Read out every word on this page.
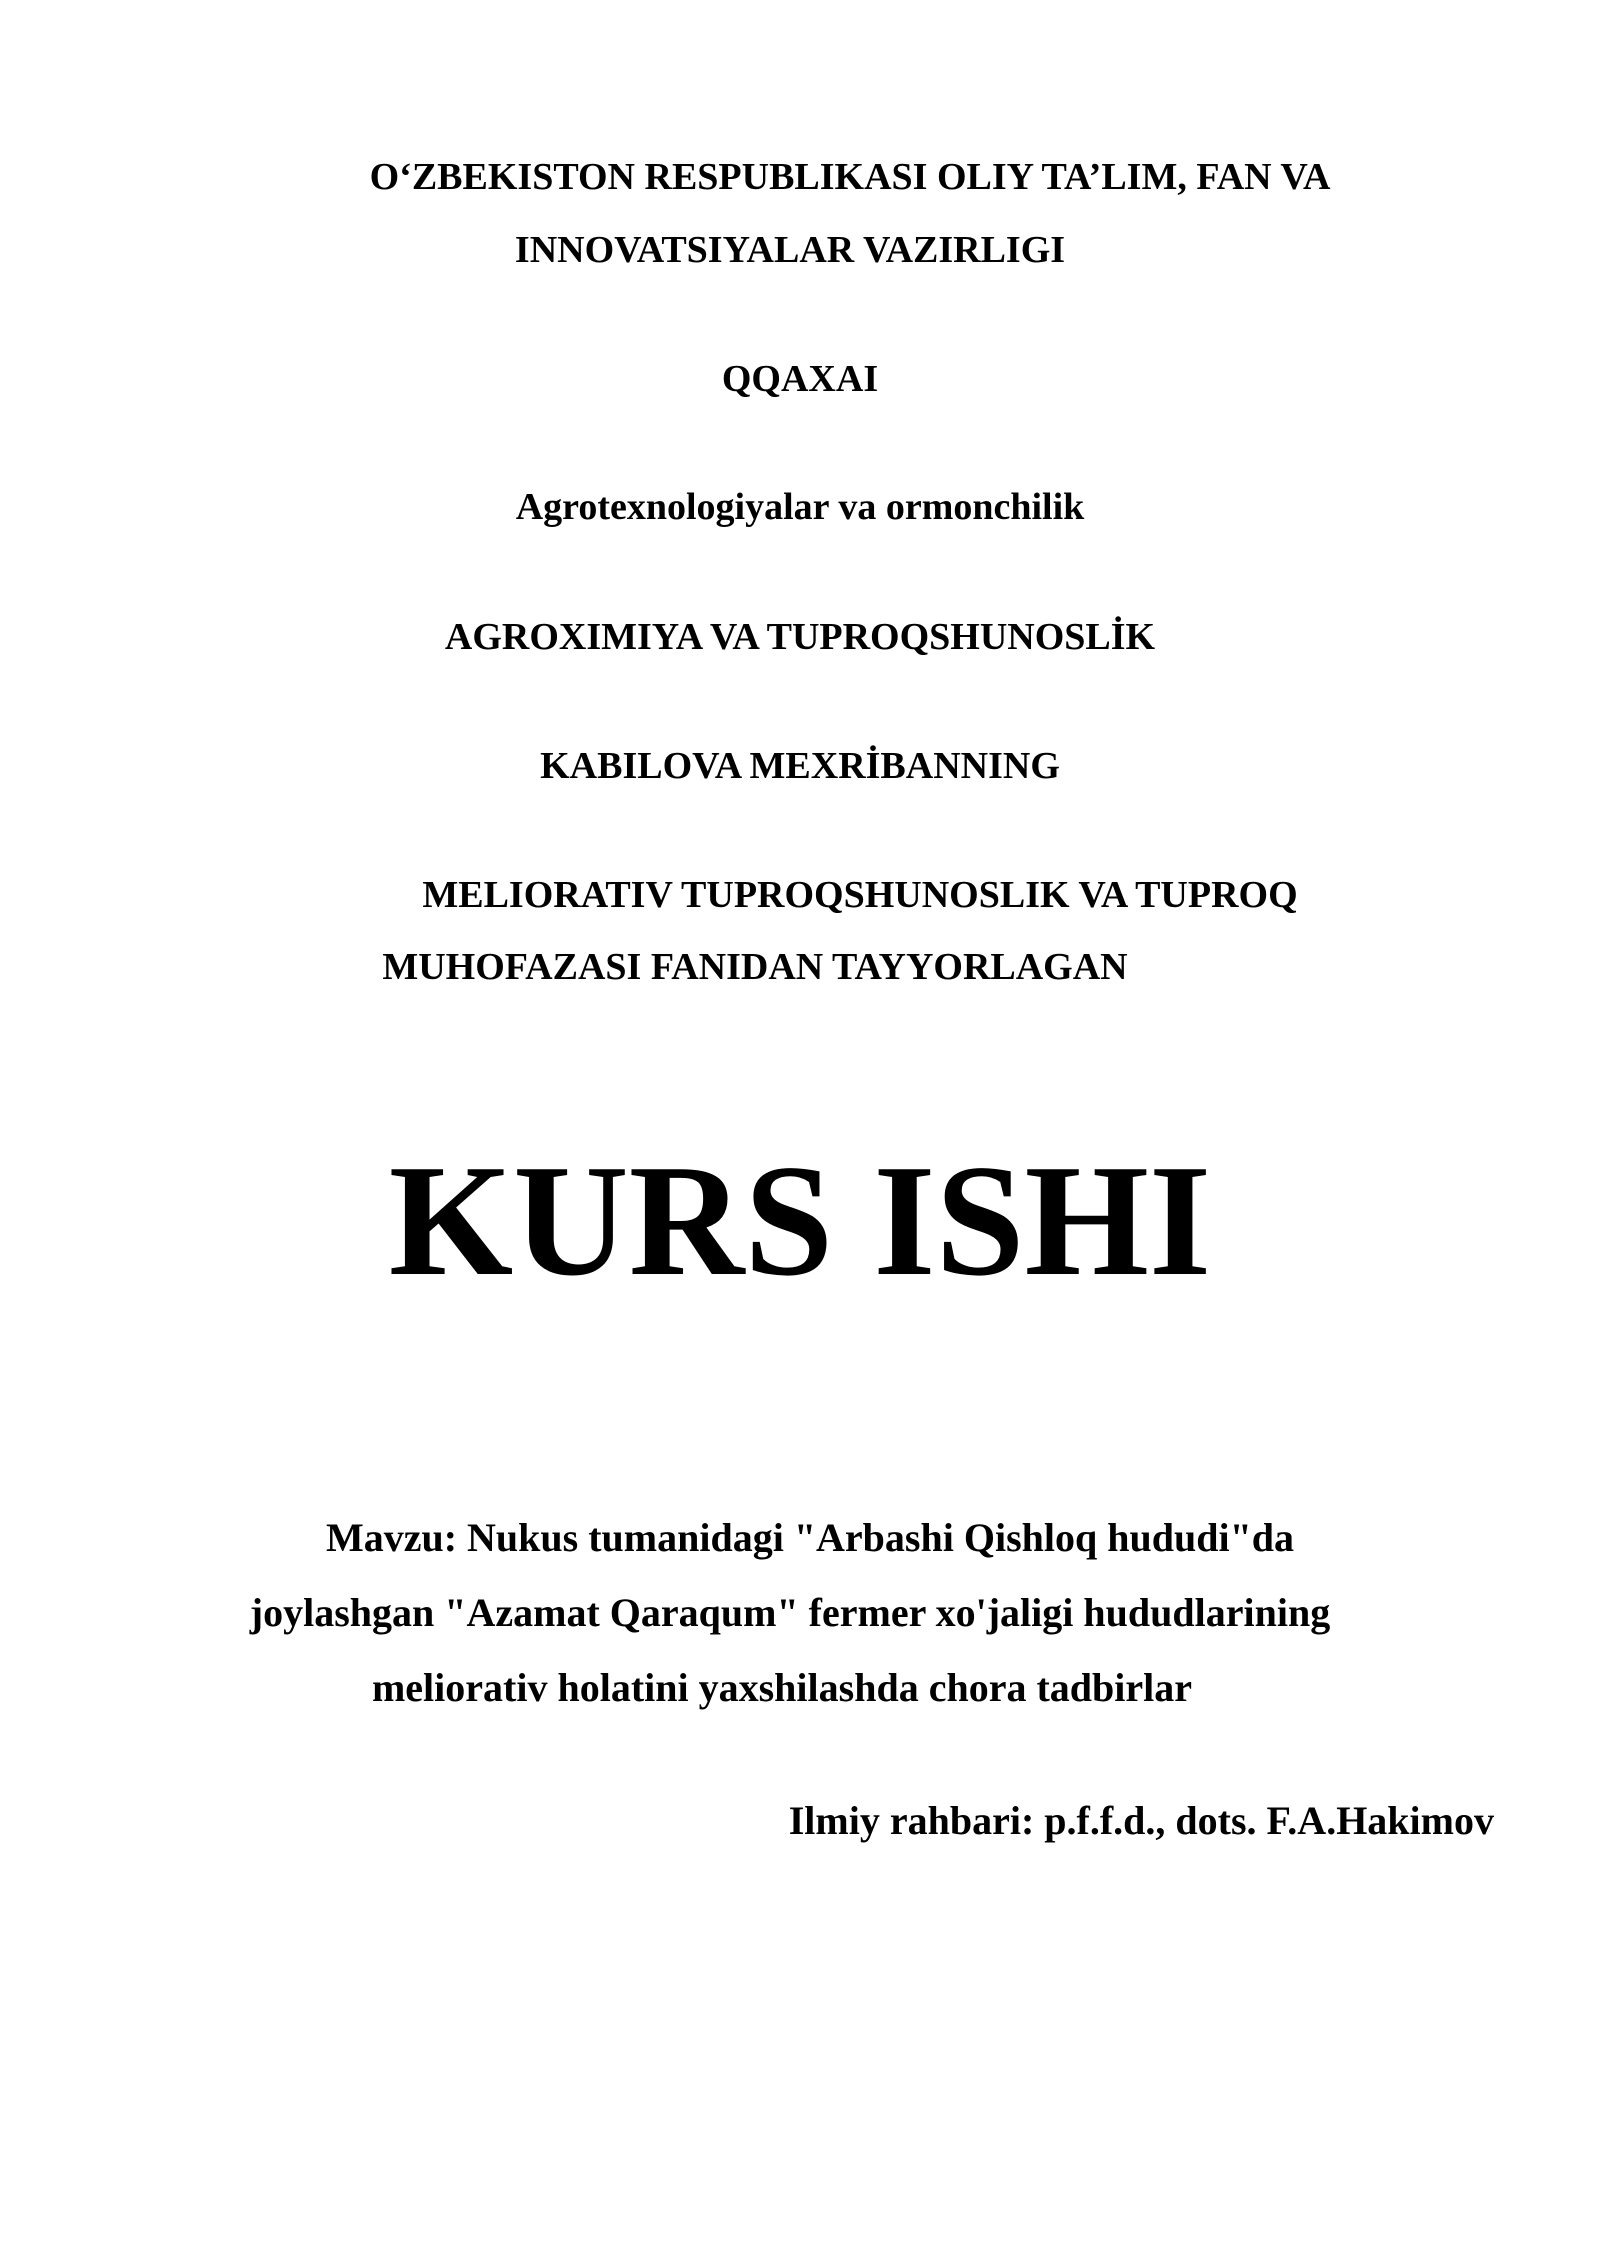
O‘ZBEKISTON RESPUBLIKASI OLIY TA’LIM, FAN VA
INNOVATSIYALAR VAZIRLIGI
QQAXAI
Agrotexnologiyalar va ormonchilik
AGROXIMIYA VA TUPROQSHUNOSLİK
KABILOVA MEXRİBANNING
MELIORATIV TUPROQSHUNOSLIK VA TUPROQ
MUHOFAZASI FANIDAN TAYYORLAGAN
KURS ISHI
Mavzu: Nukus tumanidagi "Arbashi Qishloq hududi"da
joylashgan "Azamat Qaraqum" fermer xo'jaligi hududlarining
meliorativ holatini yaxshilashda chora tadbirlar
Ilmiy rahbari: p.f.f.d., dots. F.A.Hakimov
